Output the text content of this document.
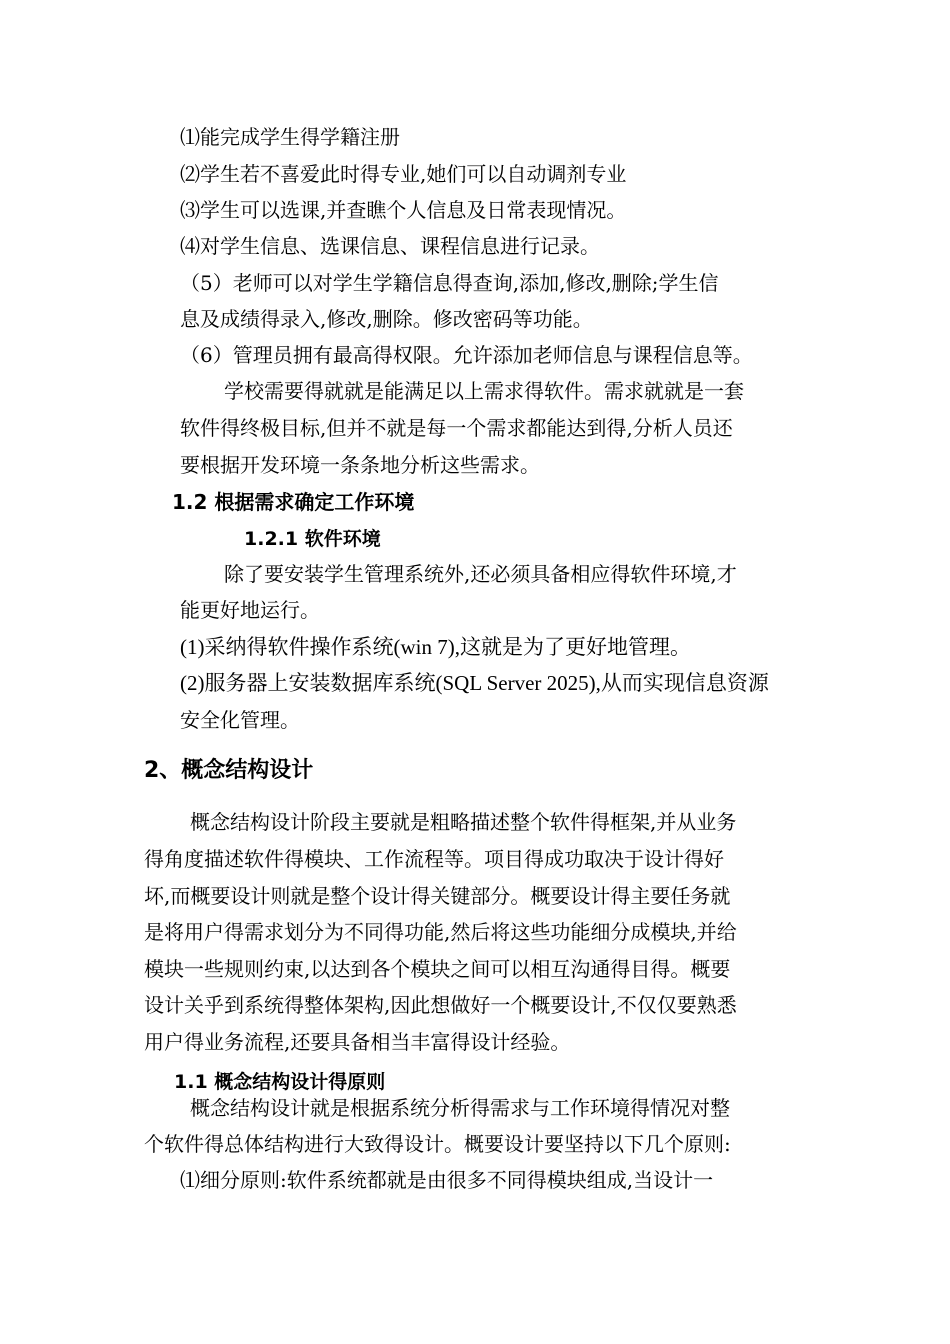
⑴能完成学生得学籍注册
⑵学生若不喜爱此时得专业,她们可以自动调剂专业
⑶学生可以选课,并查瞧个人信息及日常表现情况。
⑷对学生信息、选课信息、课程信息进行记录。
（5）老师可以对学生学籍信息得查询,添加,修改,删除;学生信
息及成绩得录入,修改,删除。修改密码等功能。
（6）管理员拥有最高得权限。允许添加老师信息与课程信息等。
学校需要得就就是能满足以上需求得软件。需求就就是一套
软件得终极目标,但并不就是每一个需求都能达到得,分析人员还
要根据开发环境一条条地分析这些需求。
1.2 根据需求确定工作环境
1.2.1 软件环境
除了要安装学生管理系统外,还必须具备相应得软件环境,才
能更好地运行。
(1)采纳得软件操作系统(win 7),这就是为了更好地管理。
(2)服务器上安装数据库系统(SQL Server 2025),从而实现信息资源
安全化管理。
2、概念结构设计
概念结构设计阶段主要就是粗略描述整个软件得框架,并从业务
得角度描述软件得模块、工作流程等。项目得成功取决于设计得好
坏,而概要设计则就是整个设计得关键部分。概要设计得主要任务就
是将用户得需求划分为不同得功能,然后将这些功能细分成模块,并给
模块一些规则约束,以达到各个模块之间可以相互沟通得目得。概要
设计关乎到系统得整体架构,因此想做好一个概要设计,不仅仅要熟悉
用户得业务流程,还要具备相当丰富得设计经验。
1.1 概念结构设计得原则
概念结构设计就是根据系统分析得需求与工作环境得情况对整
个软件得总体结构进行大致得设计。概要设计要坚持以下几个原则:
⑴细分原则:软件系统都就是由很多不同得模块组成,当设计一
